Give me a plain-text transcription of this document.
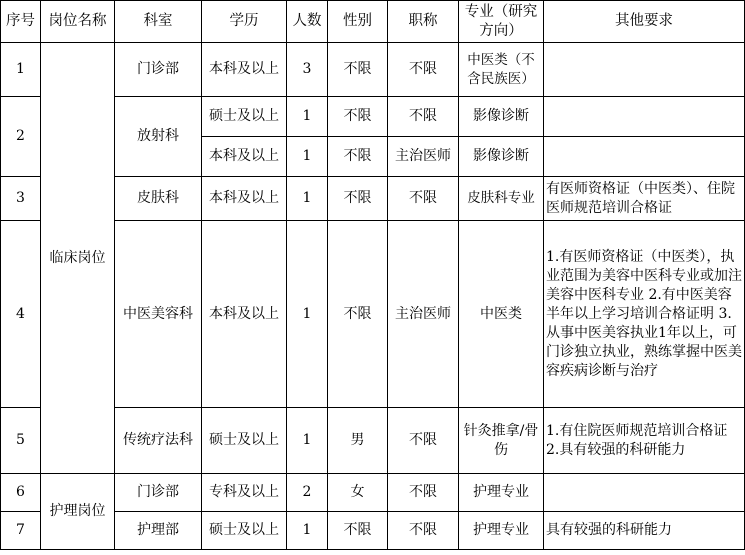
序号	岗位名称	科室	学历	人数	性别	职称	专业（研究方向）	其他要求
1	临床岗位	门诊部	本科及以上	3	不限	不限	中医类（不含民族医）	
2		放射科	硕士及以上	1	不限	不限	影像诊断	
			本科及以上	1	不限	主治医师	影像诊断	
3		皮肤科	本科及以上	1	不限	不限	皮肤科专业	有医师资格证（中医类）、住院医师规范培训合格证
4		中医美容科	本科及以上	1	不限	主治医师	中医类	1.有医师资格证（中医类），执业范围为美容中医科专业或加注美容中医科专业 2.有中医美容半年以上学习培训合格证明 3.从事中医美容执业1年以上，可门诊独立执业，熟练掌握中医美容疾病诊断与治疗
5		传统疗法科	硕士及以上	1	男	不限	针灸推拿/骨伤	1.有住院医师规范培训合格证 2.具有较强的科研能力
6	护理岗位	门诊部	专科及以上	2	女	不限	护理专业	
7		护理部	硕士及以上	1	不限	不限	护理专业	具有较强的科研能力
